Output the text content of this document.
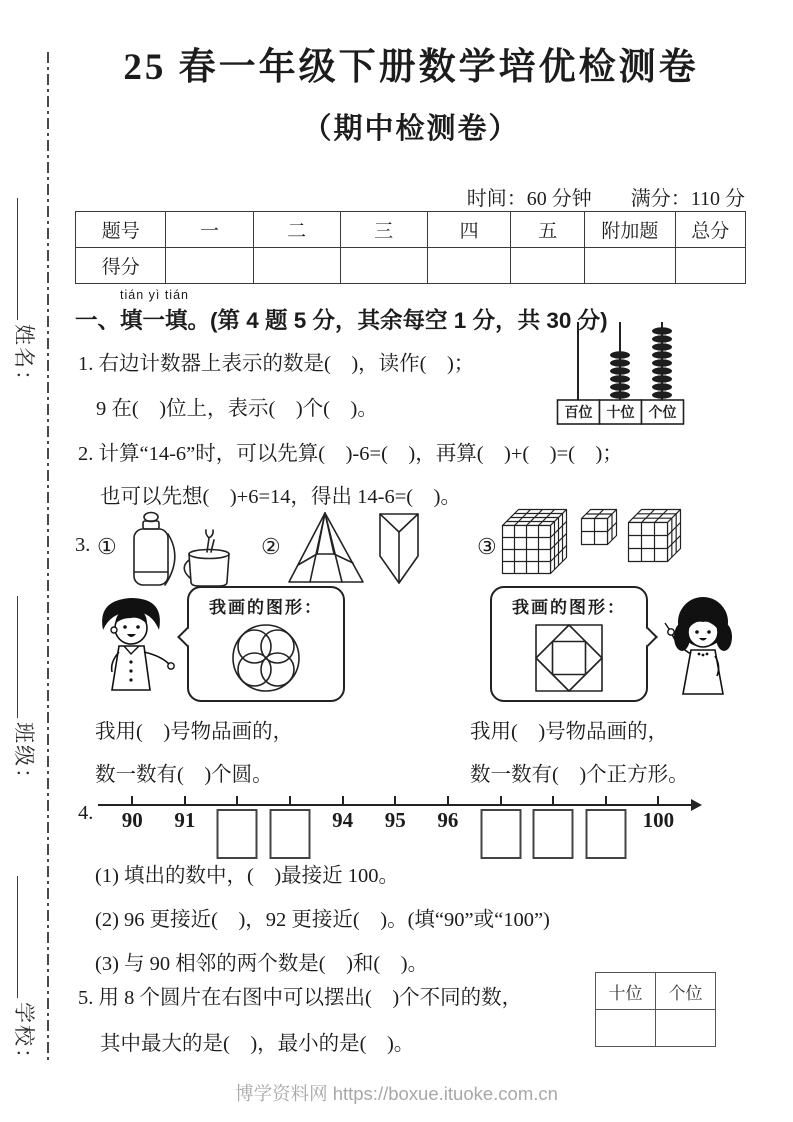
姓名：
班级：
学校：
25 春一年级下册数学培优检测卷
（期中检测卷）
时间：60 分钟 满分：110 分
题号	一	二	三	四	五	附加题	总分
得分							
一、
tián yì tián
填一填。(第 4 题 5 分，其余每空 1 分，共 30 分)
1. 右边计数器上表示的数是(    )，读作(    )；
9 在(    )位上，表示(    )个(    )。	百位 十位 个位
2. 计算“14-6”时，可以先算(    )-6=(    )，再算(    )+(    )=(    )；
也可以先想(    )+6=14，得出 14-6=(    )。
3. ①	②	③
我画的图形：	我画的图形：
我用(    )号物品画的，
数一数有(    )个圆。
我用(    )号物品画的，
数一数有(    )个正方形。
4. 90 91	94 95 96	100
(1) 填出的数中，(    )最接近 100。
(2) 96 更接近(    )，92 更接近(    )。(填“90”或“100”)
(3) 与 90 相邻的两个数是(    )和(    )。
5. 用 8 个圆片在右图中可以摆出(    )个不同的数，
其中最大的是(    )，最小的是(    )。
十位	个位

博学资料网 https://boxue.ituoke.com.cn
